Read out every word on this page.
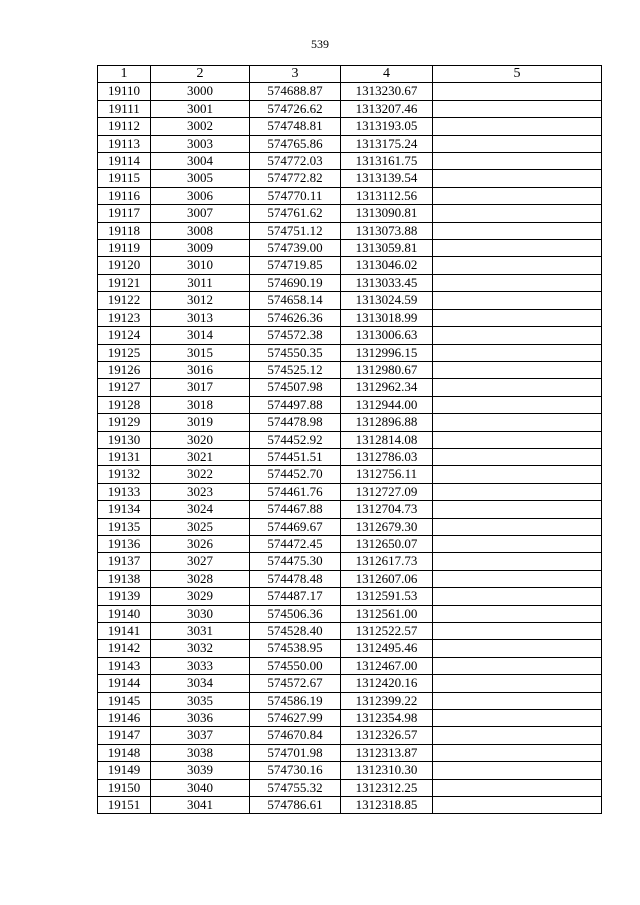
539
1	2	3	4	5
19110	3000	574688.87	1313230.67	
19111	3001	574726.62	1313207.46	
19112	3002	574748.81	1313193.05	
19113	3003	574765.86	1313175.24	
19114	3004	574772.03	1313161.75	
19115	3005	574772.82	1313139.54	
19116	3006	574770.11	1313112.56	
19117	3007	574761.62	1313090.81	
19118	3008	574751.12	1313073.88	
19119	3009	574739.00	1313059.81	
19120	3010	574719.85	1313046.02	
19121	3011	574690.19	1313033.45	
19122	3012	574658.14	1313024.59	
19123	3013	574626.36	1313018.99	
19124	3014	574572.38	1313006.63	
19125	3015	574550.35	1312996.15	
19126	3016	574525.12	1312980.67	
19127	3017	574507.98	1312962.34	
19128	3018	574497.88	1312944.00	
19129	3019	574478.98	1312896.88	
19130	3020	574452.92	1312814.08	
19131	3021	574451.51	1312786.03	
19132	3022	574452.70	1312756.11	
19133	3023	574461.76	1312727.09	
19134	3024	574467.88	1312704.73	
19135	3025	574469.67	1312679.30	
19136	3026	574472.45	1312650.07	
19137	3027	574475.30	1312617.73	
19138	3028	574478.48	1312607.06	
19139	3029	574487.17	1312591.53	
19140	3030	574506.36	1312561.00	
19141	3031	574528.40	1312522.57	
19142	3032	574538.95	1312495.46	
19143	3033	574550.00	1312467.00	
19144	3034	574572.67	1312420.16	
19145	3035	574586.19	1312399.22	
19146	3036	574627.99	1312354.98	
19147	3037	574670.84	1312326.57	
19148	3038	574701.98	1312313.87	
19149	3039	574730.16	1312310.30	
19150	3040	574755.32	1312312.25	
19151	3041	574786.61	1312318.85	
